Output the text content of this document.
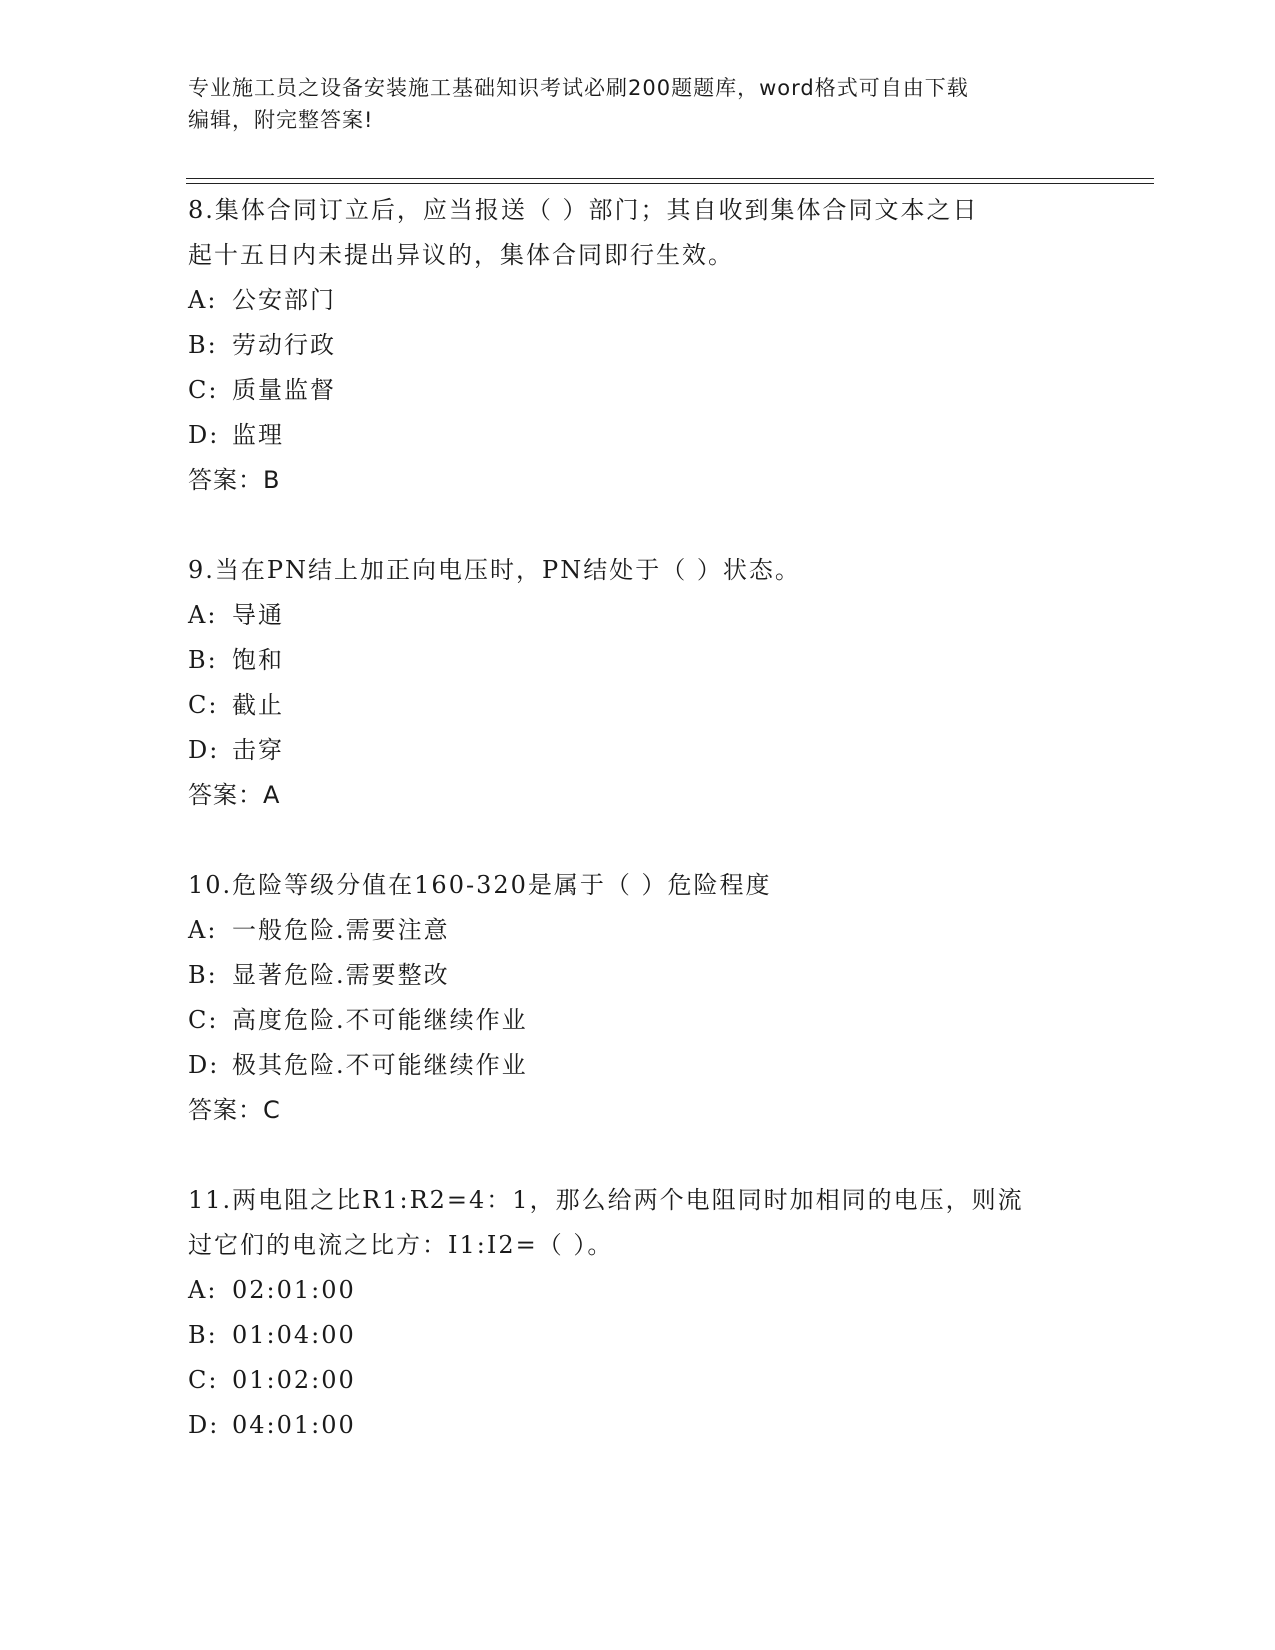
专业施工员之设备安装施工基础知识考试必刷200题题库，word格式可自由下载
编辑，附完整答案!
8.集体合同订立后，应当报送（ ）部门；其自收到集体合同文本之日
起十五日内未提出异议的，集体合同即行生效。
A: 公安部门
B: 劳动行政
C: 质量监督
D: 监理
答案：B
9.当在PN结上加正向电压时，PN结处于（ ）状态。
A: 导通
B: 饱和
C: 截止
D: 击穿
答案：A
10.危险等级分值在160-320是属于（ ）危险程度
A: 一般危险.需要注意
B: 显著危险.需要整改
C: 高度危险.不可能继续作业
D: 极其危险.不可能继续作业
答案：C
11.两电阻之比R1:R2=4：1，那么给两个电阻同时加相同的电压，则流
过它们的电流之比方：I1:I2=（ ）。
A: 02:01:00
B: 01:04:00
C: 01:02:00
D: 04:01:00
